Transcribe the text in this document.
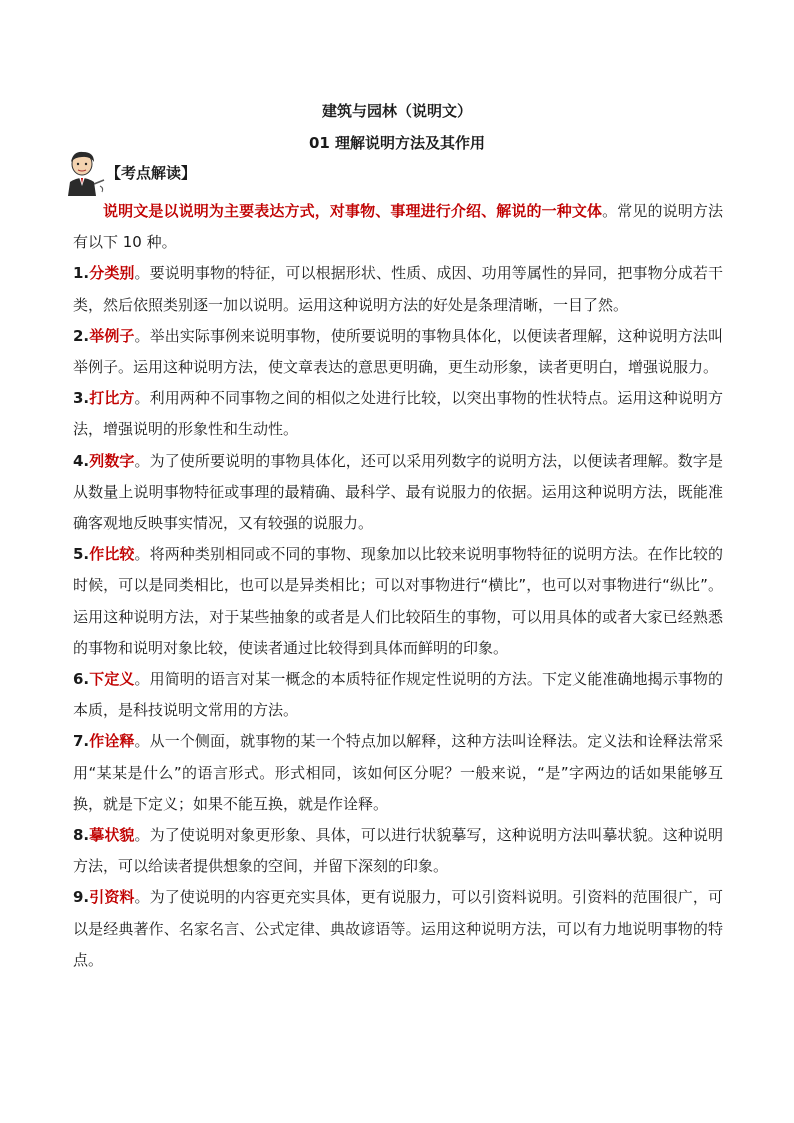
建筑与园林（说明文）
01 理解说明方法及其作用
【考点解读】

说明文是以说明为主要表达方式，对事物、事理进行介绍、解说的一种文体。常见的说明方法有以下 10 种。

1.分类别。要说明事物的特征，可以根据形状、性质、成因、功用等属性的异同，把事物分成若干类，然后依照类别逐一加以说明。运用这种说明方法的好处是条理清晰，一目了然。

2.举例子。举出实际事例来说明事物，使所要说明的事物具体化，以便读者理解，这种说明方法叫举例子。运用这种说明方法，使文章表达的意思更明确，更生动形象，读者更明白，增强说服力。

3.打比方。利用两种不同事物之间的相似之处进行比较，以突出事物的性状特点。运用这种说明方法，增强说明的形象性和生动性。

4.列数字。为了使所要说明的事物具体化，还可以采用列数字的说明方法，以便读者理解。数字是从数量上说明事物特征或事理的最精确、最科学、最有说服力的依据。运用这种说明方法，既能准确客观地反映事实情况，又有较强的说服力。

5.作比较。将两种类别相同或不同的事物、现象加以比较来说明事物特征的说明方法。在作比较的时候，可以是同类相比，也可以是异类相比；可以对事物进行“横比”，也可以对事物进行“纵比”。运用这种说明方法，对于某些抽象的或者是人们比较陌生的事物，可以用具体的或者大家已经熟悉的事物和说明对象比较，使读者通过比较得到具体而鲜明的印象。

6.下定义。用简明的语言对某一概念的本质特征作规定性说明的方法。下定义能准确地揭示事物的本质，是科技说明文常用的方法。

7.作诠释。从一个侧面，就事物的某一个特点加以解释，这种方法叫诠释法。定义法和诠释法常采用“某某是什么”的语言形式。形式相同，该如何区分呢？一般来说，“是”字两边的话如果能够互换，就是下定义；如果不能互换，就是作诠释。

8.摹状貌。为了使说明对象更形象、具体，可以进行状貌摹写，这种说明方法叫摹状貌。这种说明方法，可以给读者提供想象的空间，并留下深刻的印象。

9.引资料。为了使说明的内容更充实具体，更有说服力，可以引资料说明。引资料的范围很广，可以是经典著作、名家名言、公式定律、典故谚语等。运用这种说明方法，可以有力地说明事物的特点。
